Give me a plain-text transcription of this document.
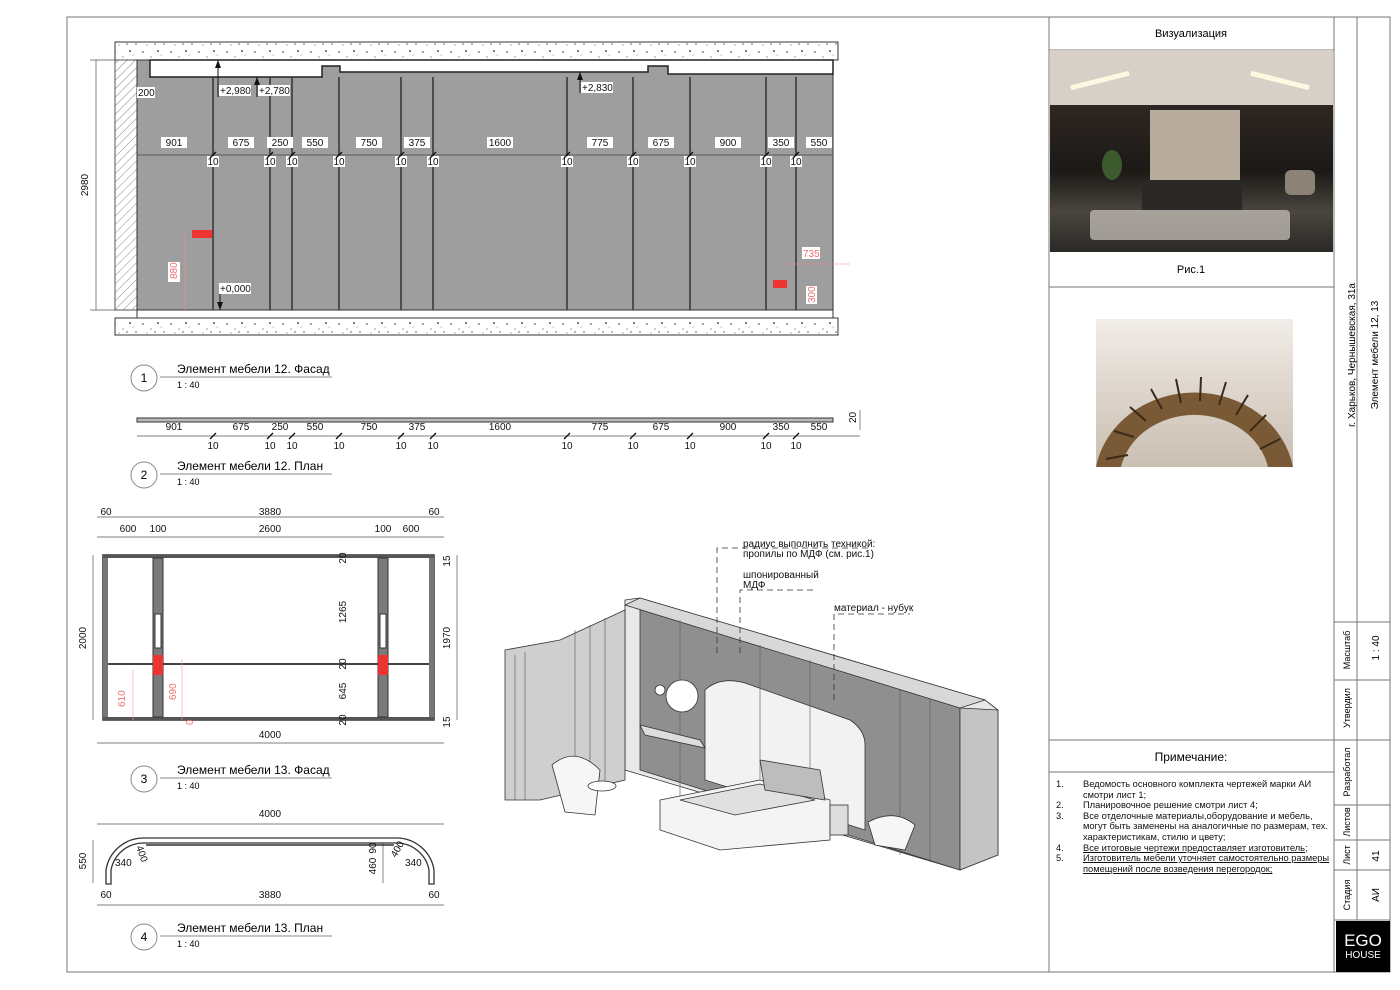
901	675 250 550	750	375	1600	775	675	900	350 550
10	10 10	10	10 10	10	10	10	10 10
2980
200	+2,980 +2,780	+2,830
+0,000
880
735
300
1
Элемент мебели 12. Фасад
1 : 40
901	675 250 550	750	375	1600	775	675	900	350 550
10	10 10	10	10 10	10	10	10	10 10
20
2
Элемент мебели 12. План
1 : 40
610	690
0
60	3880	60
600 100	2600	100 600
4000
2000	1970
15
15
20
1265
20
645
20
3
Элемент мебели 13. Фасад
1 : 40
4000
3880
60	60
550	340 400	400
340
90
460
4
Элемент мебели 13. План
1 : 40
радиус выполнить техникой:
пропилы по МДФ (см. рис.1)
шпонированный
МДФ
материал - нубук
Визуализация
Рис.1
Примечание:
г. Харьков, Чернышевская, 31а Элемент мебели 12, 13
Масштаб 1 : 40
Утвердил
Разработал
Листов
Лист 41
Стадия АИ
1.	Ведомость основного комплекта чертежей марки АИ смотри лист 1;
2.	Планировочное решение смотри лист 4;
3.	Все отделочные материалы,оборудование и мебель, могут быть заменены на аналогичные по размерам, тех. характеристикам, стилю и цвету;
4.	Все итоговые чертежи предоставляет изготовитель;
5.	Изготовитель мебели уточняет самостоятельно размеры помещений после возведения перегородок;
EGO
HOUSE
